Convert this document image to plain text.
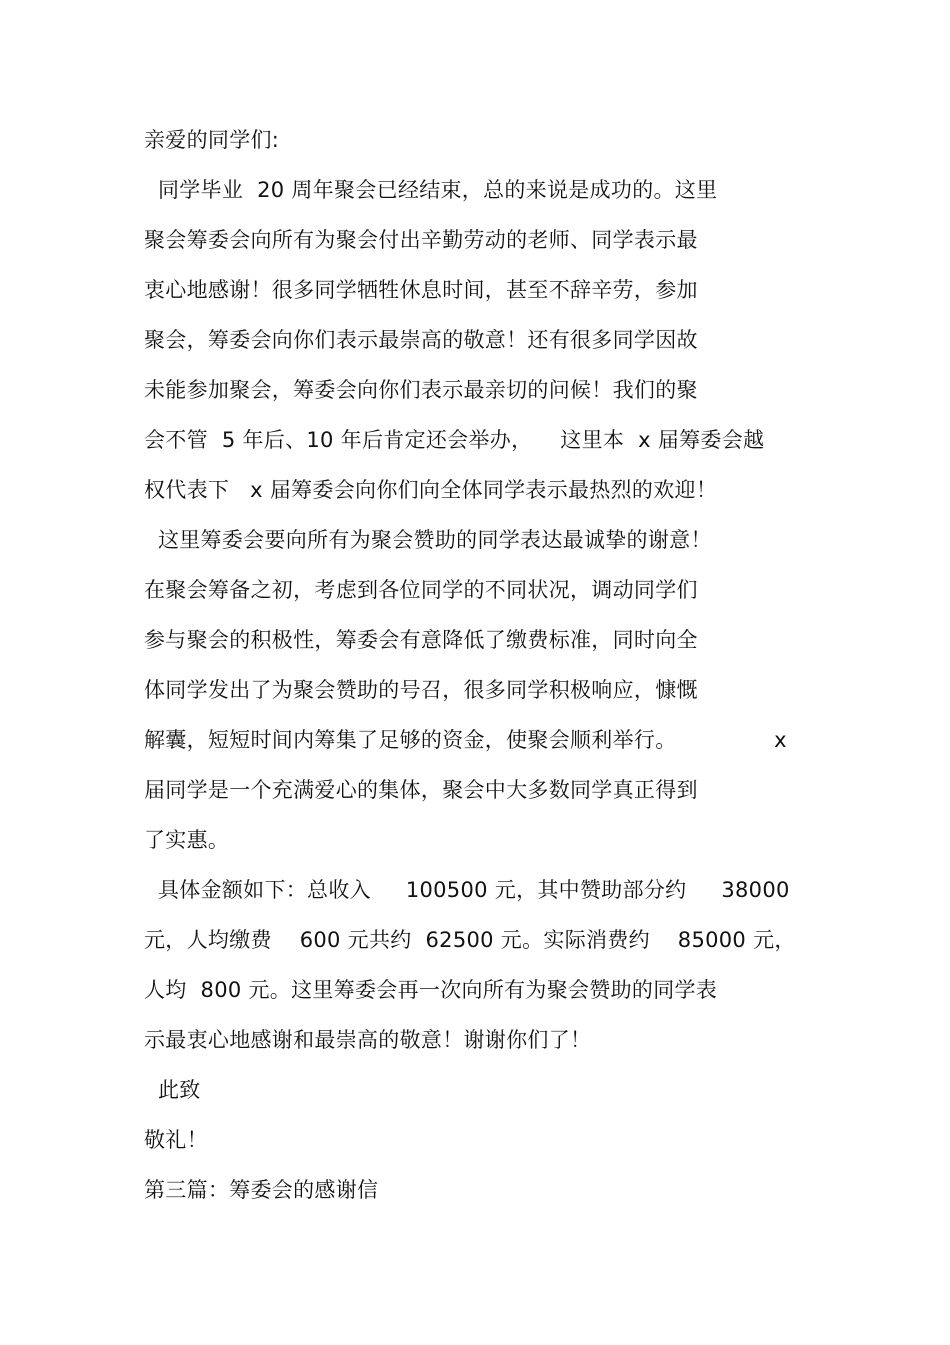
亲爱的同学们:
同学毕业  20 周年聚会已经结束，总的来说是成功的。这里
聚会筹委会向所有为聚会付出辛勤劳动的老师、同学表示最
衷心地感谢！很多同学牺牲休息时间，甚至不辞辛劳，参加
聚会，筹委会向你们表示最崇高的敬意！还有很多同学因故
未能参加聚会，筹委会向你们表示最亲切的问候！我们的聚
会不管  5 年后、10 年后肯定还会举办，    这里本  x 届筹委会越
权代表下   x 届筹委会向你们向全体同学表示最热烈的欢迎！
这里筹委会要向所有为聚会赞助的同学表达最诚挚的谢意！
在聚会筹备之初，考虑到各位同学的不同状况，调动同学们
参与聚会的积极性，筹委会有意降低了缴费标准，同时向全
体同学发出了为聚会赞助的号召，很多同学积极响应，慷慨
解囊，短短时间内筹集了足够的资金，使聚会顺利举行。              x
届同学是一个充满爱心的集体，聚会中大多数同学真正得到
了实惠。
具体金额如下：总收入     100500 元，其中赞助部分约     38000
元，人均缴费    600 元共约  62500 元。实际消费约    85000 元，
人均  800 元。这里筹委会再一次向所有为聚会赞助的同学表
示最衷心地感谢和最崇高的敬意！谢谢你们了！
此致
敬礼！
第三篇：筹委会的感谢信
